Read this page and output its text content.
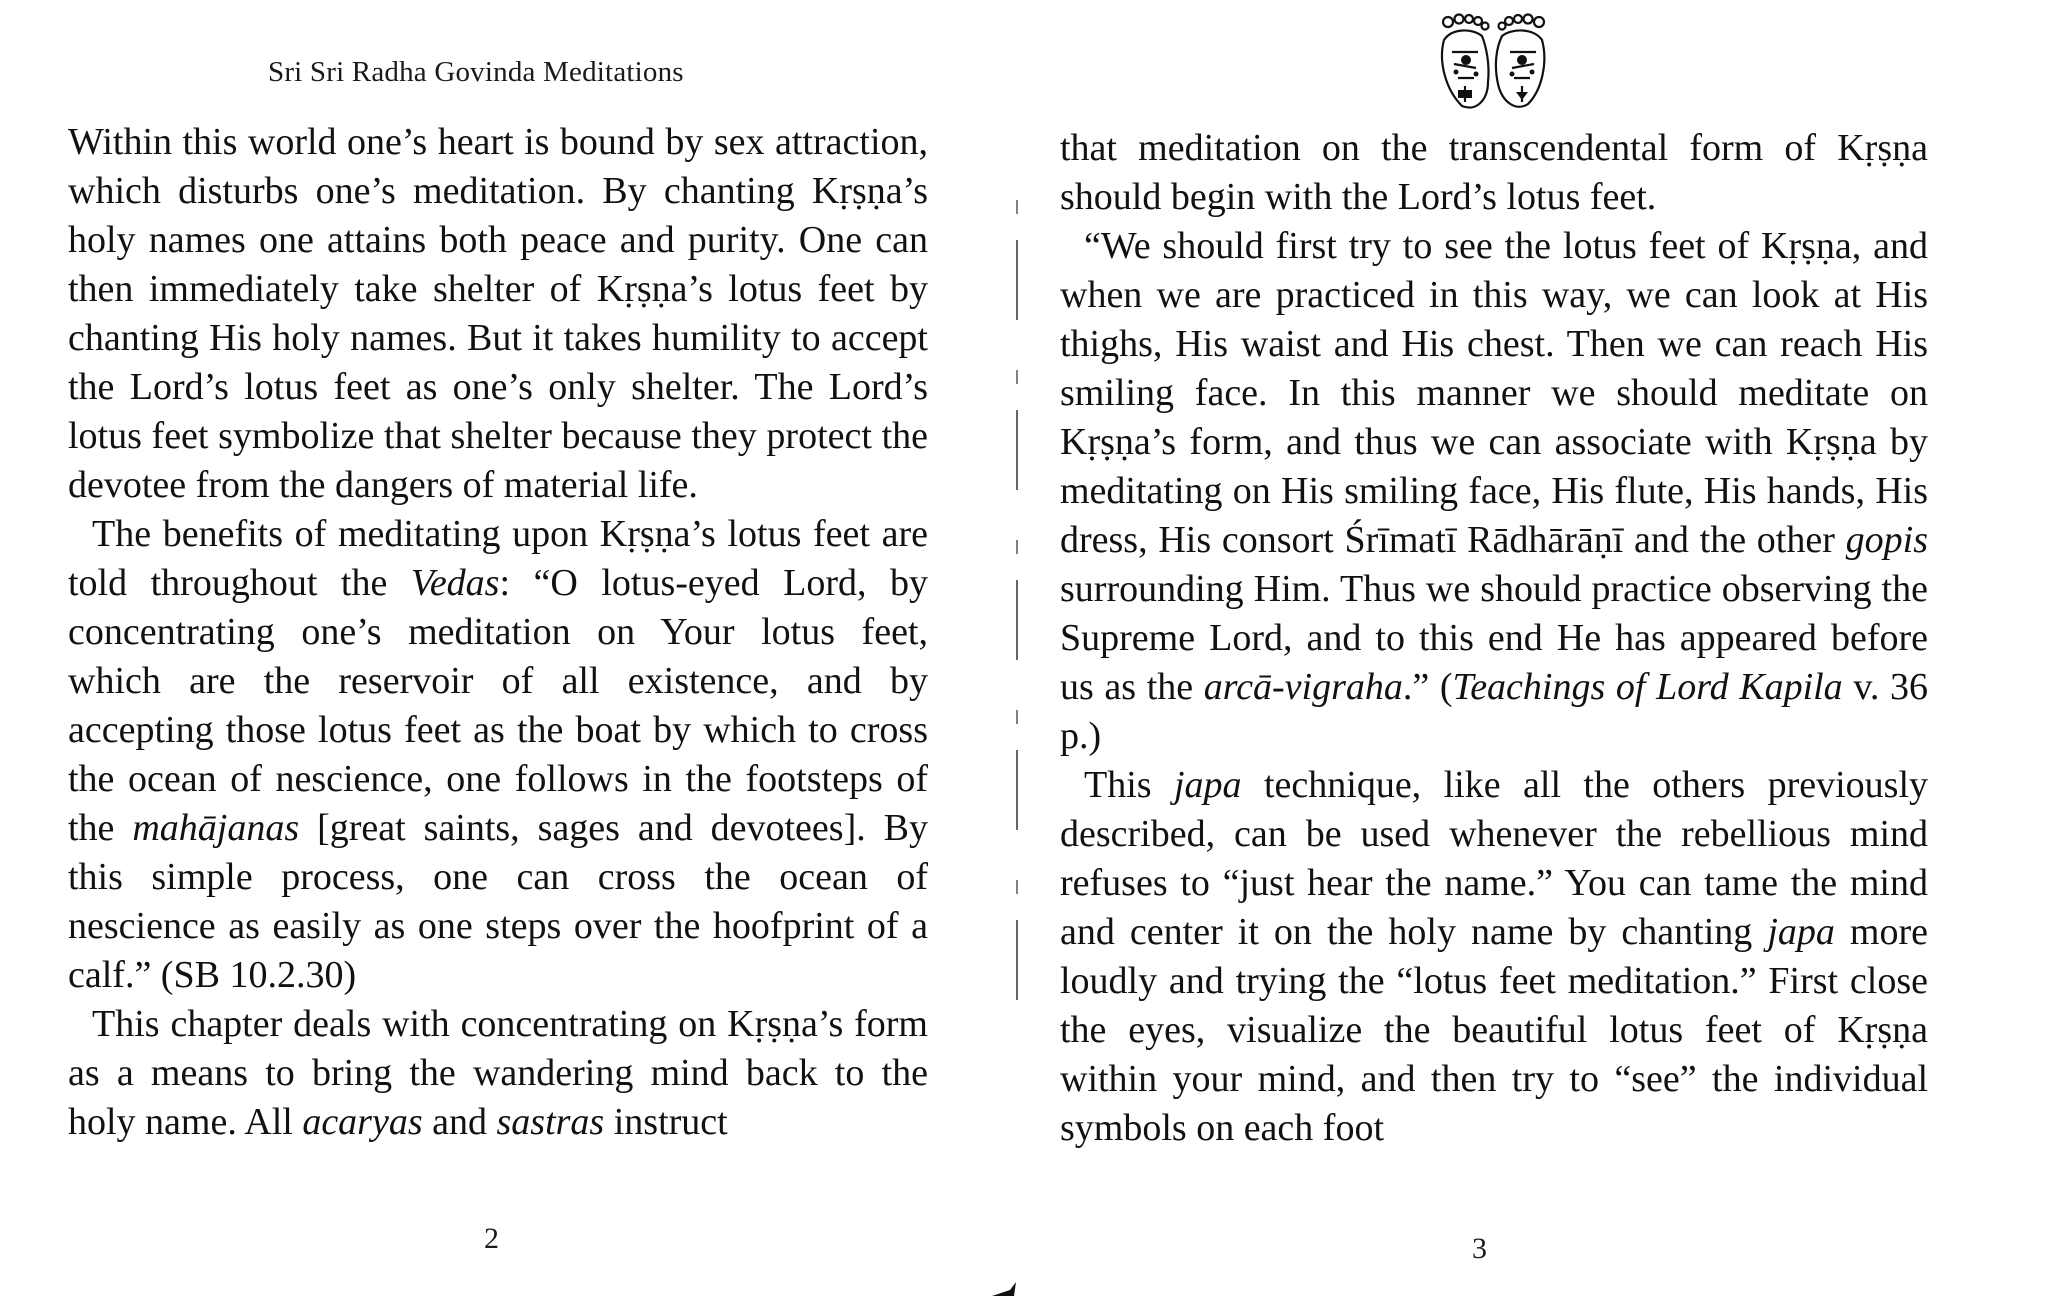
Sri Sri Radha Govinda Meditations

Within this world one’s heart is bound by sex attraction, which disturbs one’s meditation. By chanting Kṛṣṇa’s holy names one attains both peace and purity. One can then immediately take shelter of Kṛṣṇa’s lotus feet by chanting His holy names. But it takes humility to accept the Lord’s lotus feet as one’s only shelter. The Lord’s lotus feet symbolize that shelter because they protect the devotee from the dangers of material life.

The benefits of meditating upon Kṛṣṇa’s lotus feet are told throughout the Vedas: “O lotus-eyed Lord, by concentrating one’s meditation on Your lotus feet, which are the reservoir of all existence, and by accepting those lotus feet as the boat by which to cross the ocean of nescience, one follows in the footsteps of the mahājanas [great saints, sages and devotees]. By this simple process, one can cross the ocean of nescience as easily as one steps over the hoofprint of a calf.” (SB 10.2.30)

This chapter deals with concentrating on Kṛṣṇa’s form as a means to bring the wandering mind back to the holy name. All acaryas and sastras instruct

2

that meditation on the transcendental form of Kṛṣṇa should begin with the Lord’s lotus feet.

“We should first try to see the lotus feet of Kṛṣṇa, and when we are practiced in this way, we can look at His thighs, His waist and His chest. Then we can reach His smiling face. In this manner we should meditate on Kṛṣṇa’s form, and thus we can associate with Kṛṣṇa by meditating on His smiling face, His flute, His hands, His dress, His consort Śrīmatī Rādhārāṇī and the other gopis surrounding Him. Thus we should practice observing the Supreme Lord, and to this end He has appeared before us as the arcā-vigraha.” (Teachings of Lord Kapila v. 36 p.)

This japa technique, like all the others previously described, can be used whenever the rebellious mind refuses to “just hear the name.” You can tame the mind and center it on the holy name by chanting japa more loudly and trying the “lotus feet meditation.” First close the eyes, visualize the beautiful lotus feet of Kṛṣṇa within your mind, and then try to “see” the individual symbols on each foot

3
